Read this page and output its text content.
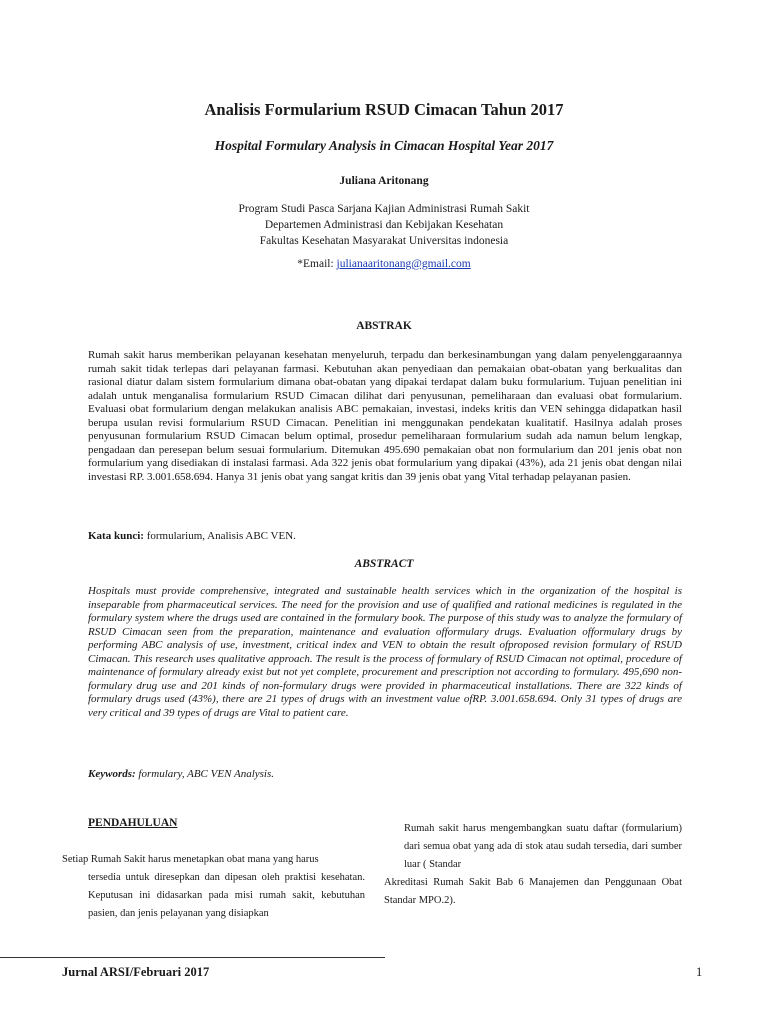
Analisis Formularium RSUD Cimacan Tahun 2017
Hospital Formulary Analysis in Cimacan Hospital Year 2017
Juliana Aritonang
Program Studi Pasca Sarjana Kajian Administrasi Rumah Sakit
Departemen Administrasi dan Kebijakan Kesehatan
Fakultas Kesehatan Masyarakat Universitas indonesia
*Email: julianaaritonang@gmail.com
ABSTRAK
Rumah sakit harus memberikan pelayanan kesehatan menyeluruh, terpadu dan berkesinambungan yang dalam penyelenggaraannya rumah sakit tidak terlepas dari pelayanan farmasi. Kebutuhan akan penyediaan dan pemakaian obat-obatan yang berkualitas dan rasional diatur dalam sistem formularium dimana obat-obatan yang dipakai terdapat dalam buku formularium. Tujuan penelitian ini adalah untuk menganalisa formularium RSUD Cimacan dilihat dari penyusunan, pemeliharaan dan evaluasi obat formularium. Evaluasi obat formularium dengan melakukan analisis ABC pemakaian, investasi, indeks kritis dan VEN sehingga didapatkan hasil berupa usulan revisi formularium RSUD Cimacan. Penelitian ini menggunakan pendekatan kualitatif. Hasilnya adalah proses penyusunan formularium RSUD Cimacan belum optimal, prosedur pemeliharaan formularium sudah ada namun belum lengkap, pengadaan dan peresepan belum sesuai formularium. Ditemukan 495.690 pemakaian obat non formularium dan 201 jenis obat non formularium yang disediakan di instalasi farmasi. Ada 322 jenis obat formularium yang dipakai (43%), ada 21 jenis obat dengan nilai investasi RP. 3.001.658.694. Hanya 31 jenis obat yang sangat kritis dan 39 jenis obat yang Vital terhadap pelayanan pasien.
Kata kunci: formularium, Analisis ABC VEN.
ABSTRACT
Hospitals must provide comprehensive, integrated and sustainable health services which in the organization of the hospital is inseparable from pharmaceutical services. The need for the provision and use of qualified and rational medicines is regulated in the formulary system where the drugs used are contained in the formulary book. The purpose of this study was to analyze the formulary of RSUD Cimacan seen from the preparation, maintenance and evaluation offormulary drugs. Evaluation offormulary drugs by performing ABC analysis of use, investment, critical index and VEN to obtain the result ofproposed revision formulary of RSUD Cimacan. This research uses qualitative approach. The result is the process of formulary of RSUD Cimacan not optimal, procedure of maintenance of formulary already exist but not yet complete, procurement and prescription not according to formulary. 495,690 non-formulary drug use and 201 kinds of non-formulary drugs were provided in pharmaceutical installations. There are 322 kinds of formulary drugs used (43%), there are 21 types of drugs with an investment value ofRP. 3.001.658.694. Only 31 types of drugs are very critical and 39 types of drugs are Vital to patient care.
Keywords: formulary, ABC VEN Analysis.
PENDAHULUAN
Setiap Rumah Sakit harus menetapkan obat mana yang harus
tersedia untuk diresepkan dan dipesan oleh praktisi kesehatan. Keputusan ini didasarkan pada misi rumah sakit, kebutuhan pasien, dan jenis pelayanan yang disiapkan
Rumah sakit harus mengembangkan suatu daftar (formularium) dari semua obat yang ada di stok atau sudah tersedia, dari sumber luar ( Standar
Akreditasi Rumah Sakit Bab 6 Manajemen dan Penggunaan Obat Standar MPO.2).
Jurnal ARSI/Februari 2017	1
